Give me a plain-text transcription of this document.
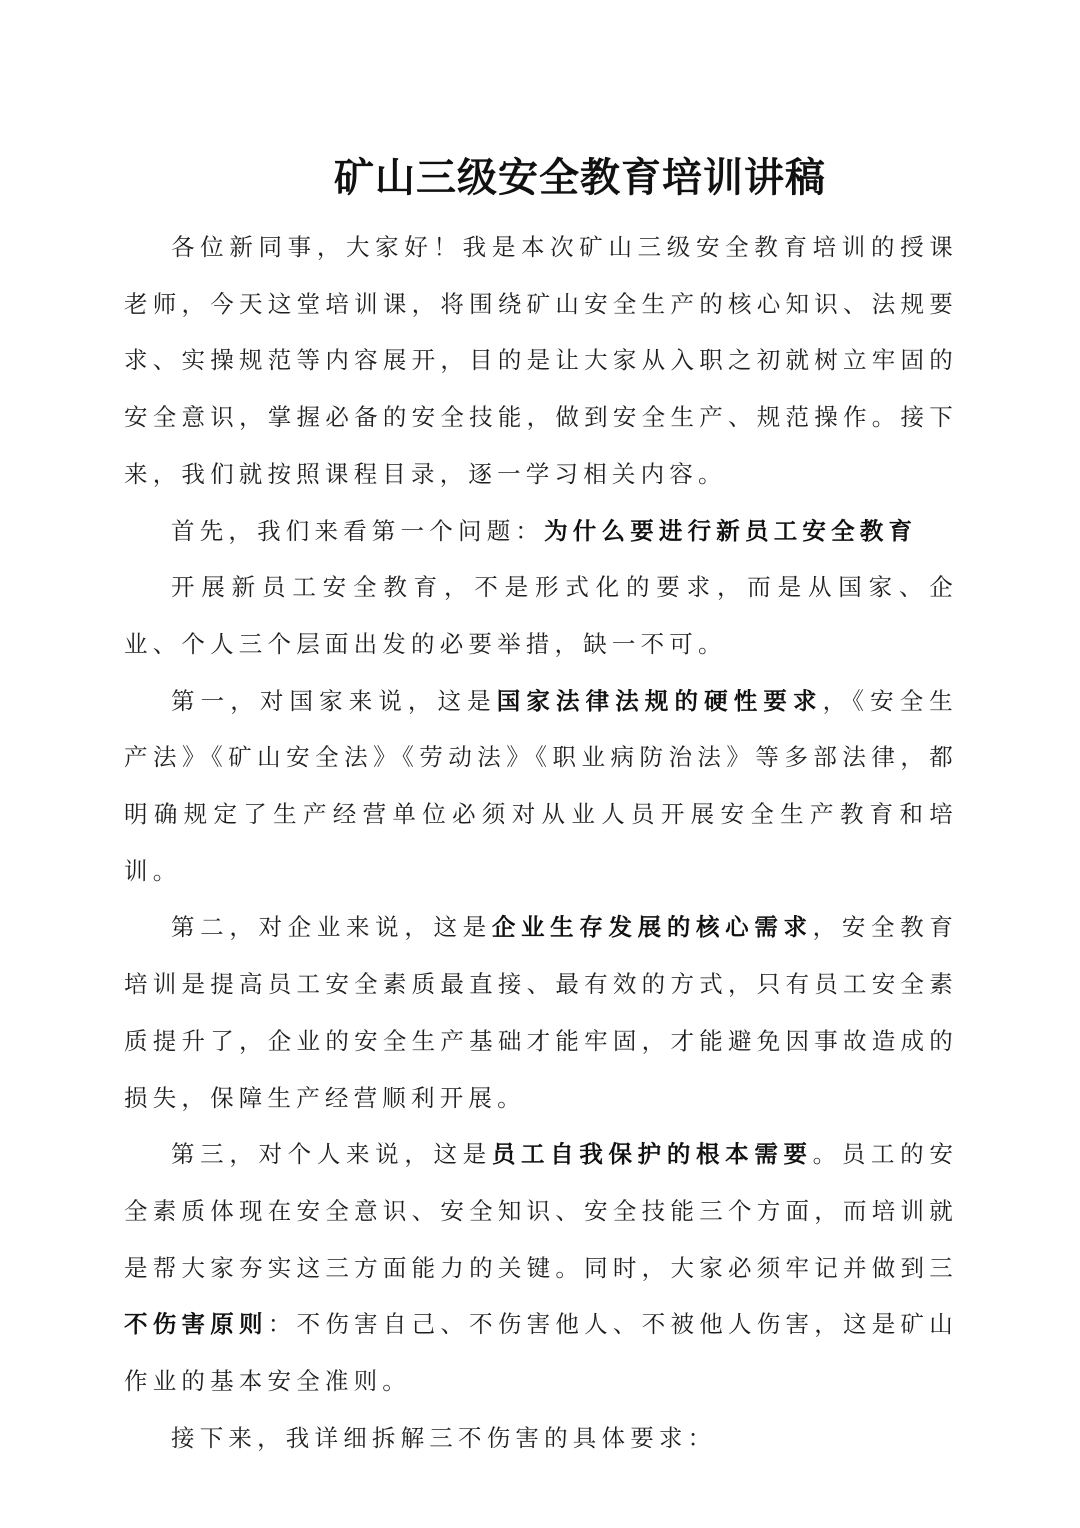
矿山三级安全教育培训讲稿

各位新同事，大家好！我是本次矿山三级安全教育培训的授课老师，今天这堂培训课，将围绕矿山安全生产的核心知识、法规要求、实操规范等内容展开，目的是让大家从入职之初就树立牢固的安全意识，掌握必备的安全技能，做到安全生产、规范操作。接下来，我们就按照课程目录，逐一学习相关内容。

首先，我们来看第一个问题：为什么要进行新员工安全教育

开展新员工安全教育，不是形式化的要求，而是从国家、企业、个人三个层面出发的必要举措，缺一不可。

第一，对国家来说，这是国家法律法规的硬性要求，《安全生产法》《矿山安全法》《劳动法》《职业病防治法》等多部法律，都明确规定了生产经营单位必须对从业人员开展安全生产教育和培训。

第二，对企业来说，这是企业生存发展的核心需求，安全教育培训是提高员工安全素质最直接、最有效的方式，只有员工安全素质提升了，企业的安全生产基础才能牢固，才能避免因事故造成的损失，保障生产经营顺利开展。

第三，对个人来说，这是员工自我保护的根本需要。员工的安全素质体现在安全意识、安全知识、安全技能三个方面，而培训就是帮大家夯实这三方面能力的关键。同时，大家必须牢记并做到三不伤害原则：不伤害自己、不伤害他人、不被他人伤害，这是矿山作业的基本安全准则。

接下来，我详细拆解三不伤害的具体要求：
